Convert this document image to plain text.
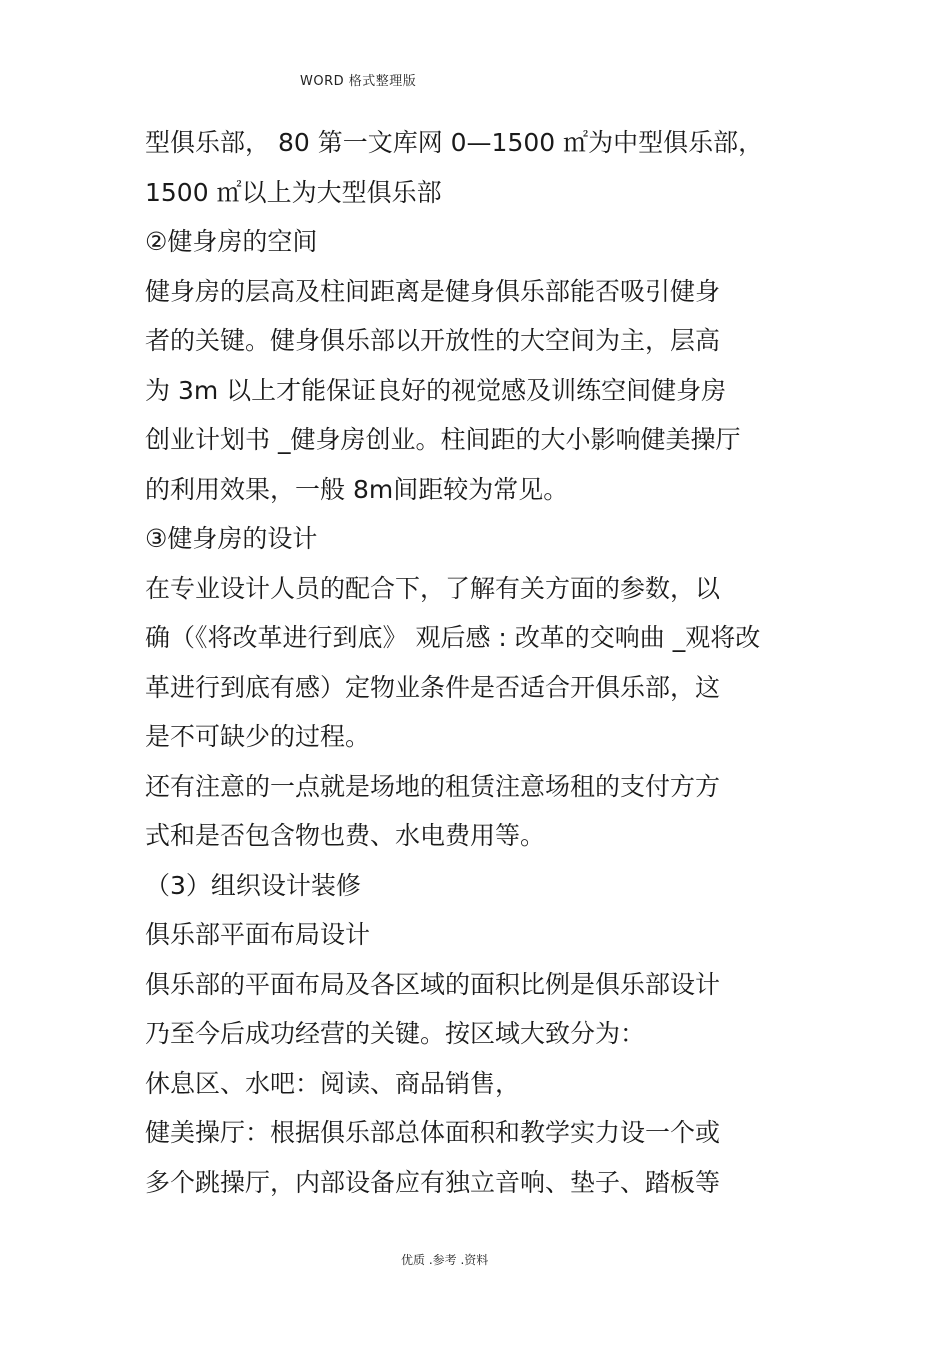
WORD 格式整理版
型俱乐部， 80 第一文库网 0—1500 ㎡为中型俱乐部，
1500 ㎡以上为大型俱乐部
②健身房的空间
健身房的层高及柱间距离是健身俱乐部能否吸引健身
者的关键。健身俱乐部以开放性的大空间为主，层高
为 3m 以上才能保证良好的视觉感及训练空间健身房
创业计划书 _健身房创业。柱间距的大小影响健美操厅
的利用效果，一般 8m间距较为常见。
③健身房的设计
在专业设计人员的配合下，了解有关方面的参数，以
确（《将改革进行到底》 观后感 : 改革的交响曲 _观将改
革进行到底有感）定物业条件是否适合开俱乐部，这
是不可缺少的过程。
还有注意的一点就是场地的租赁注意场租的支付方方
式和是否包含物也费、水电费用等。
（3）组织设计装修
俱乐部平面布局设计
俱乐部的平面布局及各区域的面积比例是俱乐部设计
乃至今后成功经营的关键。按区域大致分为：
休息区、水吧：阅读、商品销售，
健美操厅：根据俱乐部总体面积和教学实力设一个或
多个跳操厅，内部设备应有独立音响、垫子、踏板等
优质 .参考 .资料
